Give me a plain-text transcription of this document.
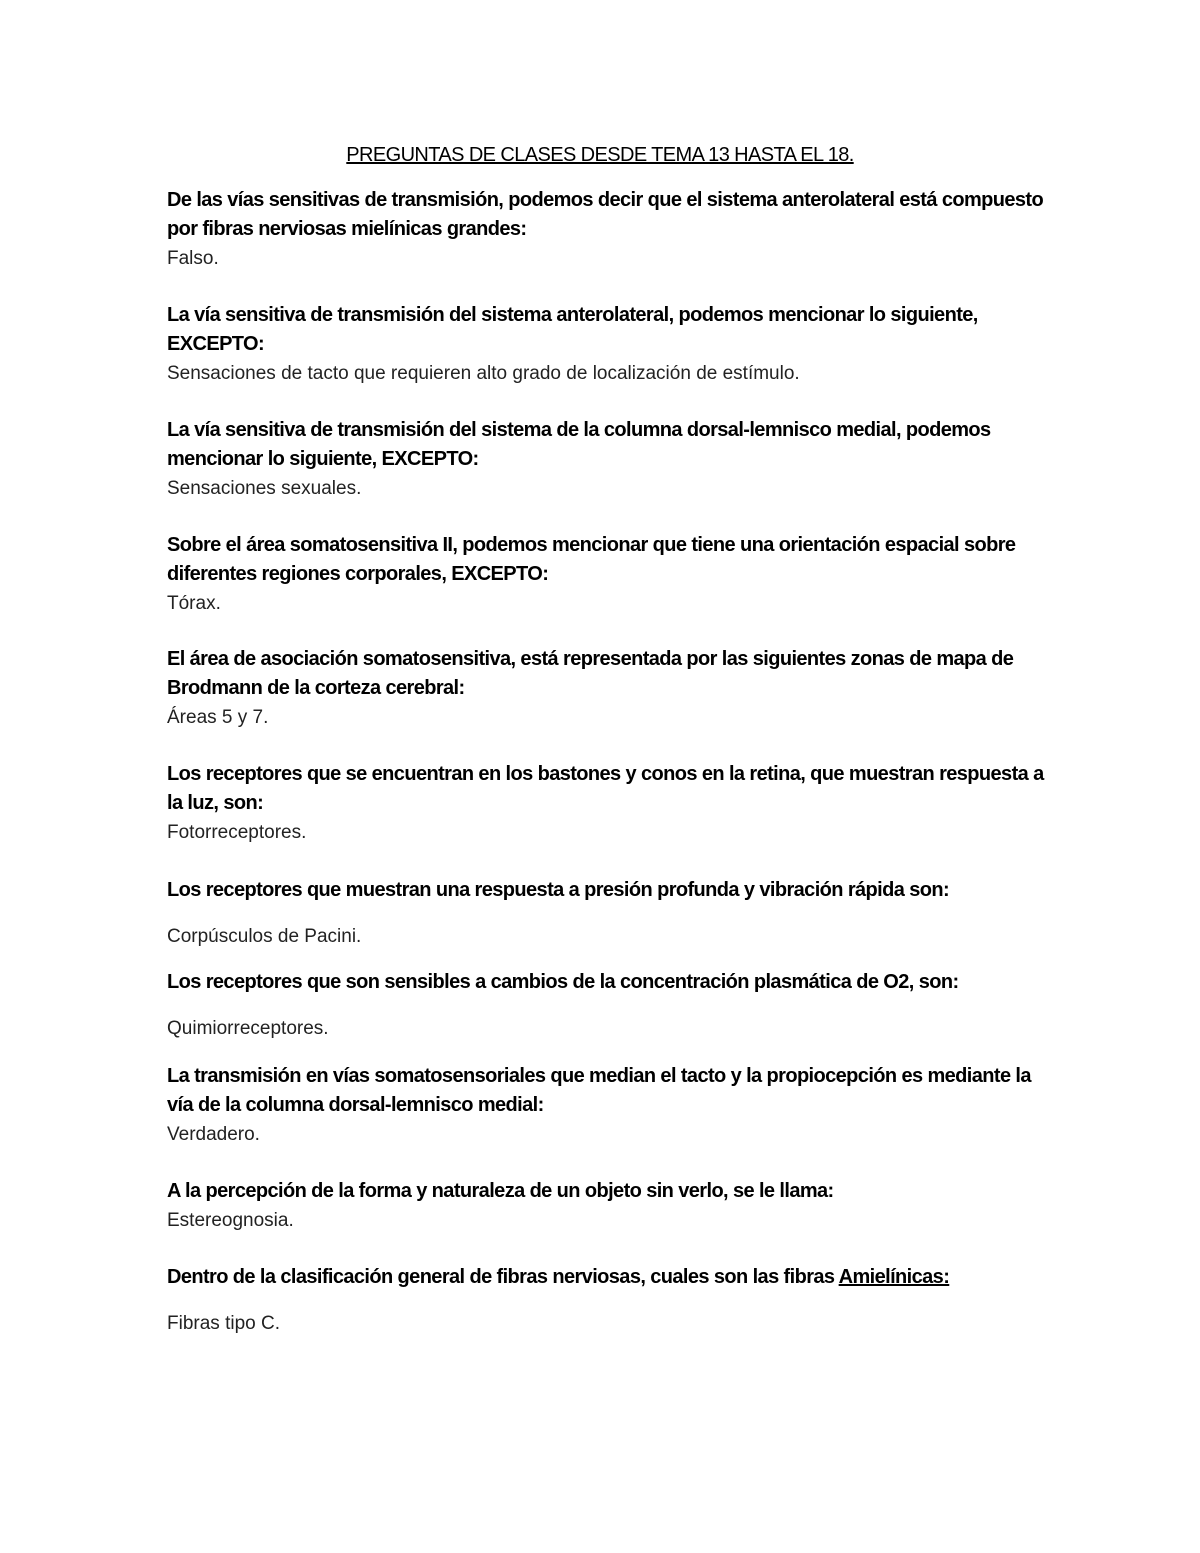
PREGUNTAS DE CLASES DESDE TEMA 13 HASTA EL 18.

De las vías sensitivas de transmisión, podemos decir que el sistema anterolateral está compuesto por fibras nerviosas mielínicas grandes:

Falso.

La vía sensitiva de transmisión del sistema anterolateral, podemos mencionar lo siguiente, EXCEPTO:

Sensaciones de tacto que requieren alto grado de localización de estímulo.

La vía sensitiva de transmisión del sistema de la columna dorsal-lemnisco medial, podemos mencionar lo siguiente, EXCEPTO:

Sensaciones sexuales.

Sobre el área somatosensitiva II, podemos mencionar que tiene una orientación espacial sobre diferentes regiones corporales, EXCEPTO:

Tórax.

El área de asociación somatosensitiva, está representada por las siguientes zonas de mapa de Brodmann de la corteza cerebral:

Áreas 5 y 7.

Los receptores que se encuentran en los bastones y conos en la retina, que muestran respuesta a la luz, son:

Fotorreceptores.

Los receptores que muestran una respuesta a presión profunda y vibración rápida son:

Corpúsculos de Pacini.

Los receptores que son sensibles a cambios de la concentración plasmática de O2, son:

Quimiorreceptores.

La transmisión en vías somatosensoriales que median el tacto y la propiocepción es mediante la vía de la columna dorsal-lemnisco medial:

Verdadero.

A la percepción de la forma y naturaleza de un objeto sin verlo, se le llama:

Estereognosia.

Dentro de la clasificación general de fibras nerviosas, cuales son las fibras Amielínicas:

Fibras tipo C.
